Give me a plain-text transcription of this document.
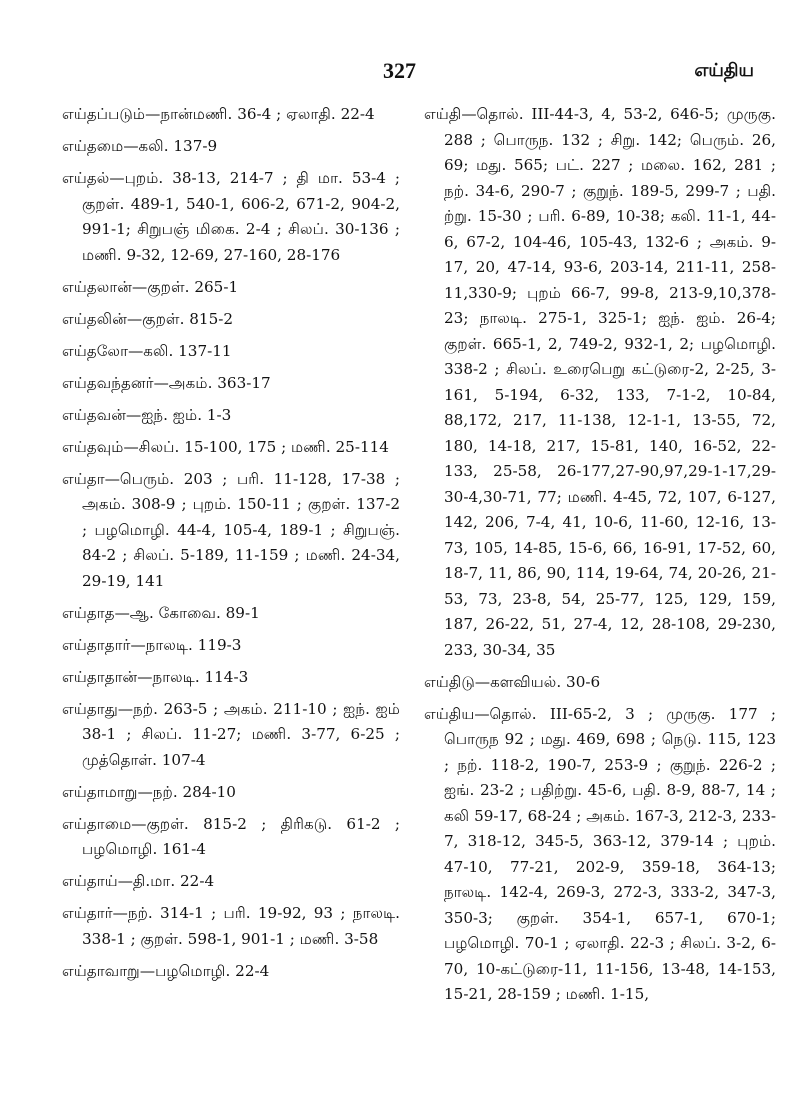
327	எய்திய

எய்தப்படும்—நான்மணி. 36-4 ; ஏலாதி. 22-4

எய்தமை—கலி. 137-9

எய்தல்—புறம். 38-13, 214-7 ; தி மா. 53-4 ; குறள். 489-1, 540-1, 606-2, 671-2, 904-2, 991-1; சிறுபஞ் மிகை. 2-4 ; சிலப். 30-136 ; மணி. 9-32, 12-69, 27-160, 28-176

எய்தலான்—குறள். 265-1

எய்தலின்—குறள். 815-2

எய்தலோ—கலி. 137-11

எய்தவந்தனர்—அகம். 363-17

எய்தவன்—ஐந். ஐம். 1-3

எய்தவும்—சிலப். 15-100, 175 ; மணி. 25-114

எய்தா—பெரும். 203 ; பரி. 11-128, 17-38 ; அகம். 308-9 ; புறம். 150-11 ; குறள். 137-2 ; பழமொழி. 44-4, 105-4, 189-1 ; சிறுபஞ். 84-2 ; சிலப். 5-189, 11-159 ; மணி. 24-34, 29-19, 141

எய்தாத—ஆ. கோவை. 89-1

எய்தாதார்—நாலடி. 119-3

எய்தாதான்—நாலடி. 114-3

எய்தாது—நற். 263-5 ; அகம். 211-10 ; ஐந். ஐம் 38-1 ; சிலப். 11-27; மணி. 3-77, 6-25 ; முத்தொள். 107-4

எய்தாமாறு—நற். 284-10

எய்தாமை—குறள். 815-2 ; திரிகடு. 61-2 ; பழமொழி. 161-4

எய்தாய்—தி.மா. 22-4

எய்தார்—நற். 314-1 ; பரி. 19-92, 93 ; நாலடி. 338-1 ; குறள். 598-1, 901-1 ; மணி. 3-58

எய்தாவாறு—பழமொழி. 22-4

எய்தி—தொல். III-44-3, 4, 53-2, 646-5; முருகு. 288 ; பொருந. 132 ; சிறு. 142; பெரும். 26, 69; மது. 565; பட். 227 ; மலை. 162, 281 ; நற். 34-6, 290-7 ; குறுந். 189-5, 299-7 ; பதி. ற்று. 15-30 ; பரி. 6-89, 10-38; கலி. 11-1, 44-6, 67-2, 104-46, 105-43, 132-6 ; அகம். 9-17, 20, 47-14, 93-6, 203-14, 211-11, 258-11,330-9; புறம் 66-7, 99-8, 213-9,10,378-23; நாலடி. 275-1, 325-1; ஐந். ஐம். 26-4; குறள். 665-1, 2, 749-2, 932-1, 2; பழமொழி. 338-2 ; சிலப். உரைபெறு கட்டுரை-2, 2-25, 3-161, 5-194, 6-32, 133, 7-1-2, 10-84, 88,172, 217, 11-138, 12-1-1, 13-55, 72, 180, 14-18, 217, 15-81, 140, 16-52, 22-133, 25-58, 26-177,27-90,97,29-1-17,29-30-4,30-71, 77; மணி. 4-45, 72, 107, 6-127, 142, 206, 7-4, 41, 10-6, 11-60, 12-16, 13-73, 105, 14-85, 15-6, 66, 16-91, 17-52, 60, 18-7, 11, 86, 90, 114, 19-64, 74, 20-26, 21-53, 73, 23-8, 54, 25-77, 125, 129, 159, 187, 26-22, 51, 27-4, 12, 28-108, 29-230, 233, 30-34, 35

எய்திடு—களவியல். 30-6

எய்திய—தொல். III-65-2, 3 ; முருகு. 177 ; பொருந 92 ; மது. 469, 698 ; நெடு. 115, 123 ; நற். 118-2, 190-7, 253-9 ; குறுந். 226-2 ; ஐங். 23-2 ; பதிற்று. 45-6, பதி. 8-9, 88-7, 14 ; கலி 59-17, 68-24 ; அகம். 167-3, 212-3, 233-7, 318-12, 345-5, 363-12, 379-14 ; புறம். 47-10, 77-21, 202-9, 359-18, 364-13; நாலடி. 142-4, 269-3, 272-3, 333-2, 347-3, 350-3; குறள். 354-1, 657-1, 670-1; பழமொழி. 70-1 ; ஏலாதி. 22-3 ; சிலப். 3-2, 6-70, 10-கட்டுரை-11, 11-156, 13-48, 14-153, 15-21, 28-159 ; மணி. 1-15,
